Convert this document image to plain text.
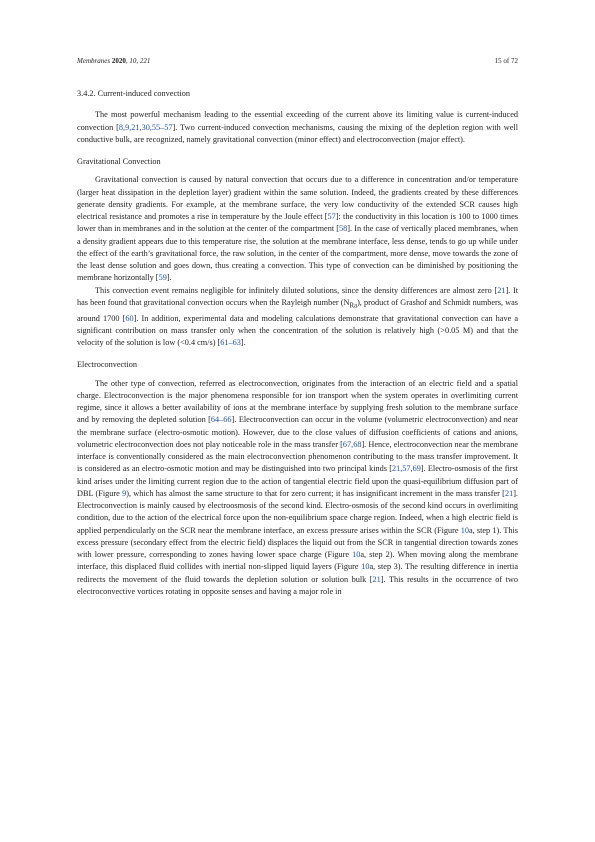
Membranes 2020, 10, 221	15 of 72
3.4.2. Current-induced convection

The most powerful mechanism leading to the essential exceeding of the current above its limiting value is current-induced convection [8,9,21,30,55–57]. Two current-induced convection mechanisms, causing the mixing of the depletion region with well conductive bulk, are recognized, namely gravitational convection (minor effect) and electroconvection (major effect).

Gravitational Convection

Gravitational convection is caused by natural convection that occurs due to a difference in concentration and/or temperature (larger heat dissipation in the depletion layer) gradient within the same solution. Indeed, the gradients created by these differences generate density gradients. For example, at the membrane surface, the very low conductivity of the extended SCR causes high electrical resistance and promotes a rise in temperature by the Joule effect [57]: the conductivity in this location is 100 to 1000 times lower than in membranes and in the solution at the center of the compartment [58]. In the case of vertically placed membranes, when a density gradient appears due to this temperature rise, the solution at the membrane interface, less dense, tends to go up while under the effect of the earth’s gravitational force, the raw solution, in the center of the compartment, more dense, move towards the zone of the least dense solution and goes down, thus creating a convection. This type of convection can be diminished by positioning the membrane horizontally [59].

This convection event remains negligible for infinitely diluted solutions, since the density differences are almost zero [21]. It has been found that gravitational convection occurs when the Rayleigh number $(N_{Ra})$, product of Grashof and Schmidt numbers, was around 1700 [60]. In addition, experimental data and modeling calculations demonstrate that gravitational convection can have a significant contribution on mass transfer only when the concentration of the solution is relatively high (>0.05 M) and that the velocity of the solution is low (<0.4 cm/s) [61–63].

Electroconvection

The other type of convection, referred as electroconvection, originates from the interaction of an electric field and a spatial charge. Electroconvection is the major phenomena responsible for ion transport when the system operates in overlimiting current regime, since it allows a better availability of ions at the membrane interface by supplying fresh solution to the membrane surface and by removing the depleted solution [64–66]. Electroconvection can occur in the volume (volumetric electroconvection) and near the membrane surface (electro-osmotic motion). However, due to the close values of diffusion coefficients of cations and anions, volumetric electroconvection does not play noticeable role in the mass transfer [67,68]. Hence, electroconvection near the membrane interface is conventionally considered as the main electroconvection phenomenon contributing to the mass transfer improvement. It is considered as an electro-osmotic motion and may be distinguished into two principal kinds [21,57,69]. Electro-osmosis of the first kind arises under the limiting current region due to the action of tangential electric field upon the quasi-equilibrium diffusion part of DBL (Figure 9), which has almost the same structure to that for zero current; it has insignificant increment in the mass transfer [21]. Electroconvection is mainly caused by electroosmosis of the second kind. Electro-osmosis of the second kind occurs in overlimiting condition, due to the action of the electrical force upon the non-equilibrium space charge region. Indeed, when a high electric field is applied perpendicularly on the SCR near the membrane interface, an excess pressure arises within the SCR (Figure 10a, step 1). This excess pressure (secondary effect from the electric field) displaces the liquid out from the SCR in tangential direction towards zones with lower pressure, corresponding to zones having lower space charge (Figure 10a, step 2). When moving along the membrane interface, this displaced fluid collides with inertial non-slipped liquid layers (Figure 10a, step 3). The resulting difference in inertia redirects the movement of the fluid towards the depletion solution or solution bulk [21]. This results in the occurrence of two electroconvective vortices rotating in opposite senses and having a major role in
